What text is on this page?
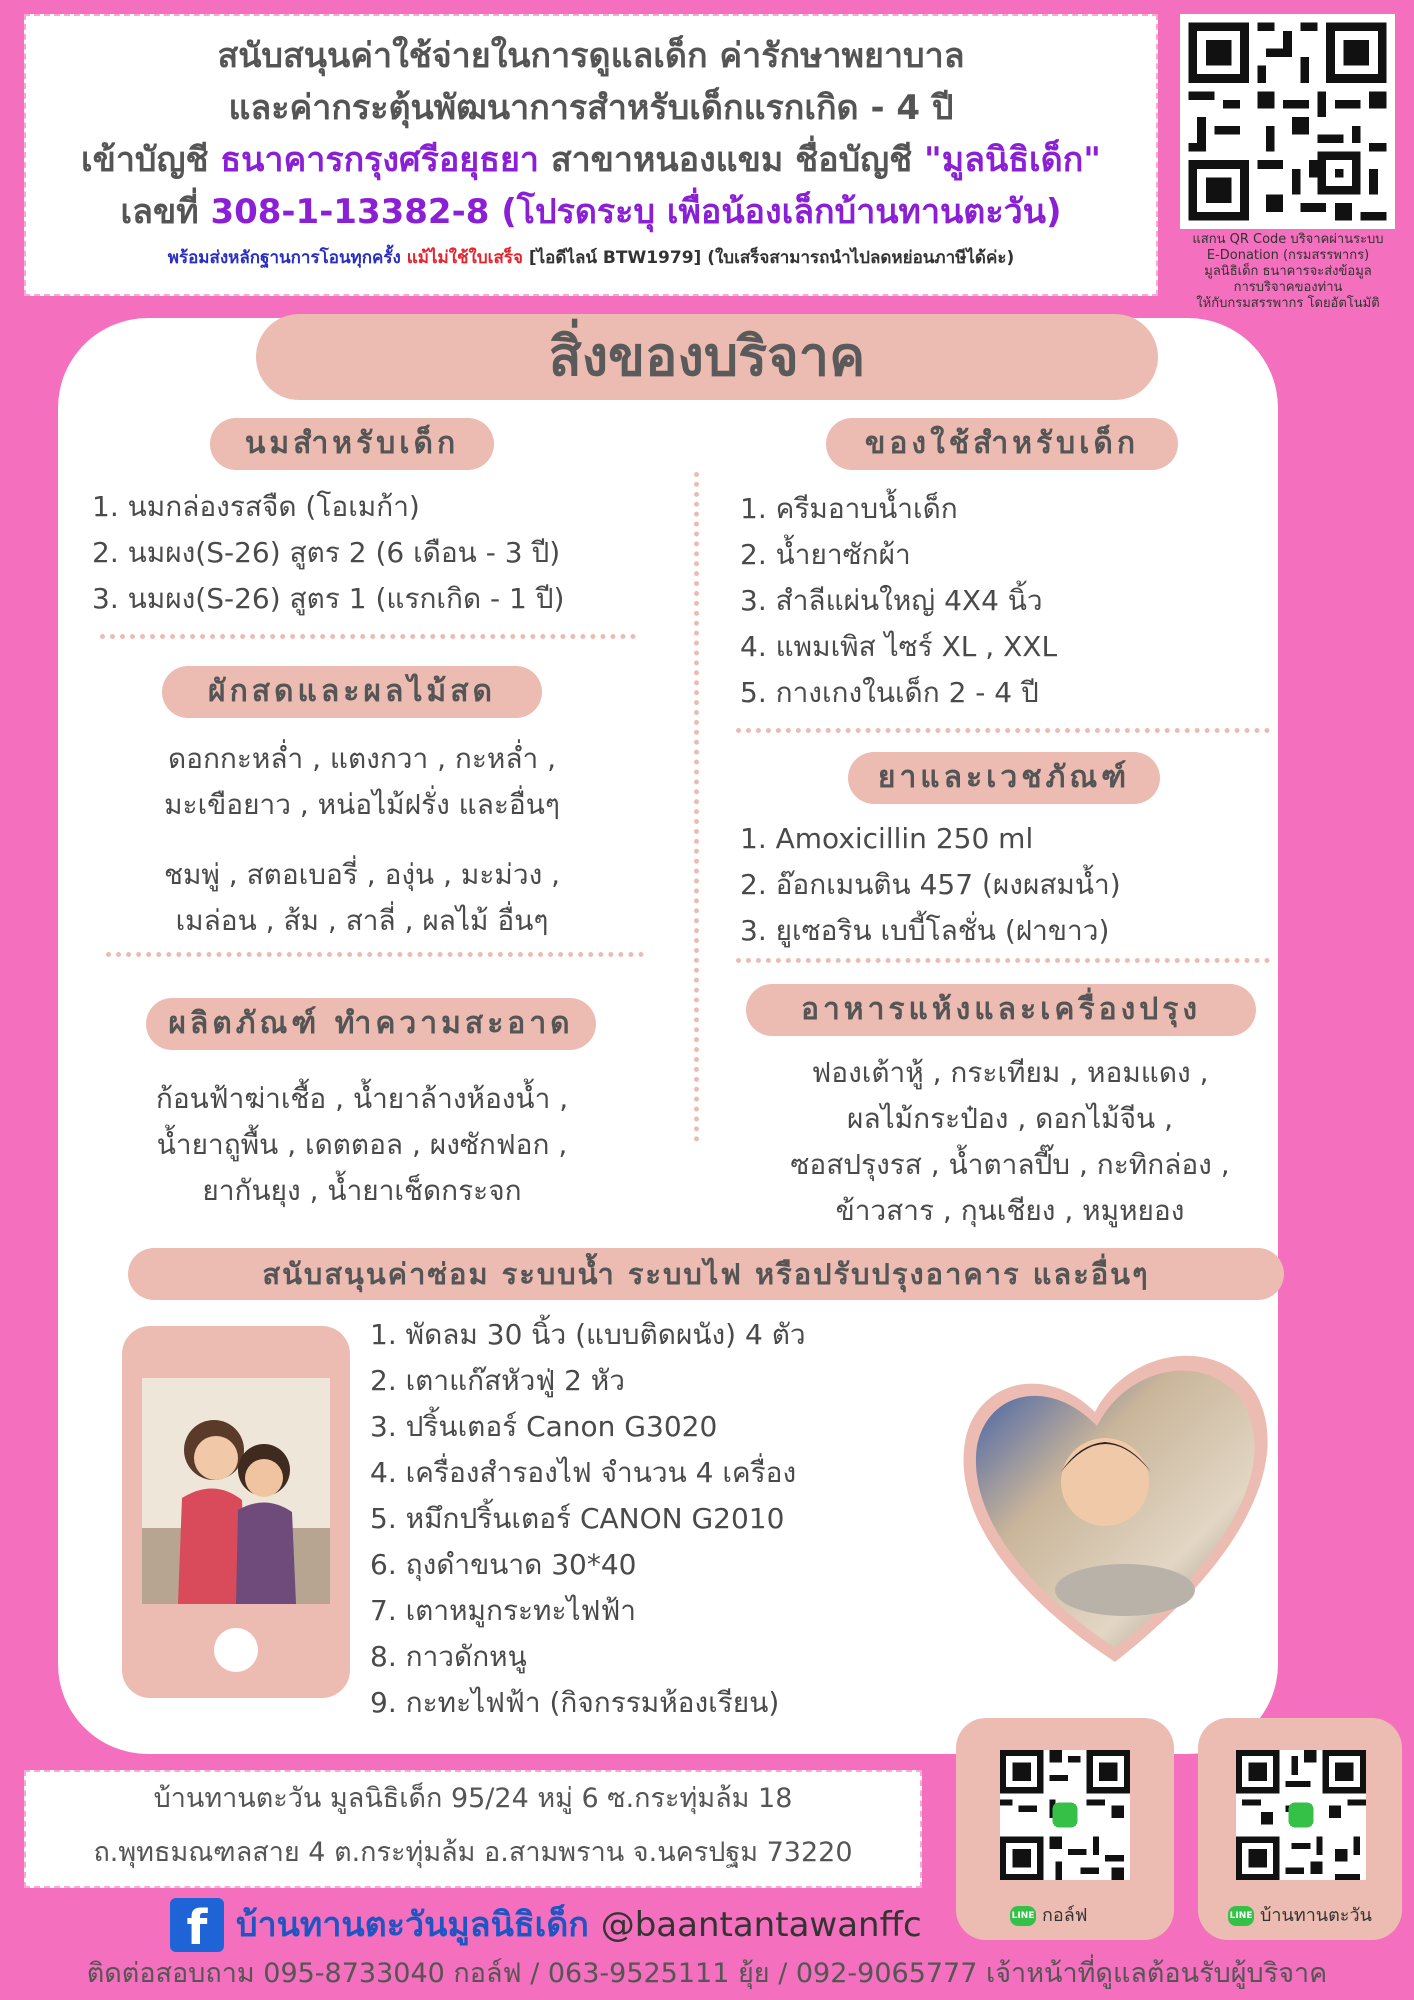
สนับสนุนค่าใช้จ่ายในการดูแลเด็ก ค่ารักษาพยาบาล
และค่ากระตุ้นพัฒนาการสำหรับเด็กแรกเกิด - 4 ปี
เข้าบัญชี ธนาคารกรุงศรีอยุธยา สาขาหนองแขม ชื่อบัญชี "มูลนิธิเด็ก"
เลขที่ 308-1-13382-8 (โปรดระบุ เพื่อน้องเล็กบ้านทานตะวัน)
พร้อมส่งหลักฐานการโอนทุกครั้ง แม้ไม่ใช้ใบเสร็จ [ไอดีไลน์ BTW1979] (ใบเสร็จสามารถนำไปลดหย่อนภาษีได้ค่ะ)
แสกน QR Code บริจาคผ่านระบบ
E-Donation (กรมสรรพากร)
มูลนิธิเด็ก ธนาคารจะส่งข้อมูล
การบริจาคของท่าน
ให้กับกรมสรรพากร โดยอัตโนมัติ
สิ่งของบริจาค
นมสำหรับเด็ก
1. นมกล่องรสจืด (โอเมก้า)
2. นมผง(S-26) สูตร 2 (6 เดือน - 3 ปี)
3. นมผง(S-26) สูตร 1 (แรกเกิด - 1 ปี)
ผักสดและผลไม้สด
ดอกกะหล่ำ , แตงกวา , กะหล่ำ ,
มะเขือยาว , หน่อไม้ฝรั่ง และอื่นๆ
ชมพู่ , สตอเบอรี่ , องุ่น , มะม่วง ,
เมล่อน , ส้ม , สาลี่ , ผลไม้ อื่นๆ
ผลิตภัณฑ์ ทำความสะอาด
ก้อนฟ้าฆ่าเชื้อ , น้ำยาล้างห้องน้ำ ,
น้ำยาถูพื้น , เดตตอล , ผงซักฟอก ,
ยากันยุง , น้ำยาเช็ดกระจก
ของใช้สำหรับเด็ก
1. ครีมอาบน้ำเด็ก
2. น้ำยาซักผ้า
3. สำลีแผ่นใหญ่ 4X4 นิ้ว
4. แพมเพิส ไซร์ XL , XXL
5. กางเกงในเด็ก 2 - 4 ปี
ยาและเวชภัณฑ์
1. Amoxicillin 250 ml
2. อ๊อกเมนติน 457 (ผงผสมน้ำ)
3. ยูเซอริน เบบี้โลชั่น (ฝาขาว)
อาหารแห้งและเครื่องปรุง
ฟองเต้าหู้ , กระเทียม , หอมแดง ,
ผลไม้กระป๋อง , ดอกไม้จีน ,
ซอสปรุงรส , น้ำตาลปี๊บ , กะทิกล่อง ,
ข้าวสาร , กุนเชียง , หมูหยอง
สนับสนุนค่าซ่อม ระบบน้ำ ระบบไฟ หรือปรับปรุงอาคาร และอื่นๆ
1. พัดลม 30 นิ้ว (แบบติดผนัง) 4 ตัว
2. เตาแก๊สหัวฟู่ 2 หัว
3. ปริ้นเตอร์ Canon G3020
4. เครื่องสำรองไฟ จำนวน 4 เครื่อง
5. หมึกปริ้นเตอร์ CANON G2010
6. ถุงดำขนาด 30*40
7. เตาหมูกระทะไฟฟ้า
8. กาวดักหนู
9. กะทะไฟฟ้า (กิจกรรมห้องเรียน)
บ้านทานตะวัน มูลนิธิเด็ก 95/24 หมู่ 6 ซ.กระทุ่มล้ม 18
ถ.พุทธมณฑลสาย 4 ต.กระทุ่มล้ม อ.สามพราน จ.นครปฐม 73220
LINE กอล์ฟ	LINE บ้านทานตะวัน
f บ้านทานตะวันมูลนิธิเด็ก @baantantawanffc
ติดต่อสอบถาม 095-8733040 กอล์ฟ / 063-9525111 ยุ้ย / 092-9065777 เจ้าหน้าที่ดูแลต้อนรับผู้บริจาค
